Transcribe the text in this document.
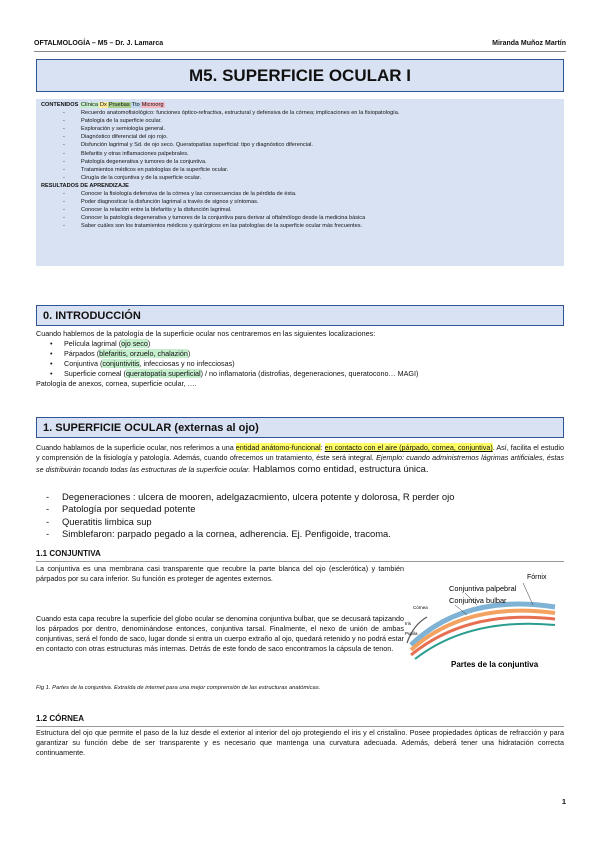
OFTALMOLOGÍA – M5 – Dr. J. Lamarca	Miranda Muñoz Martín
M5. SUPERFICIE OCULAR I
CONTENIDOS Clínica Dx Pruebas Tto Microorg
- Recuerdo anatomofisiológico: funciones óptico-refractiva, estructural y defensiva de la córnea; implicaciones en la fisiopatología.
- Patología de la superficie ocular.
- Exploración y semiología general.
- Diagnóstico diferencial del ojo rojo.
- Disfunción lagrimal y Sd. de ojo seco. Queratopatías superficial: tipo y diagnóstico diferencial.
- Blefaritis y otras inflamaciones palpebrales.
- Patología degenerativa y tumores de la conjuntiva.
- Tratamientos médicos en patologías de la superficie ocular.
- Cirugía de la conjuntiva y de la superficie ocular.
RESULTADOS DE APRENDIZAJE
- Conocer la fisiología defensiva de la córnea y las consecuencias de la pérdida de ésta.
- Poder diagnosticar la disfunción lagrimal a través de signos y síntomas.
- Conocer la relación entre la blefaritis y la disfunción lagrimal.
- Conocer la patología degenerativa y tumores de la conjuntiva para derivar al oftalmólogo desde la medicina básica
- Saber cuáles son los tratamientos médicos y quirúrgicos en las patologías de la superficie ocular más frecuentes.
0. INTRODUCCIÓN
Cuando hablemos de la patología de la superficie ocular nos centraremos en las siguientes localizaciones:
• Película lagrimal (ojo seco)
• Párpados (blefaritis, orzuelo, chalazión)
• Conjuntiva (conjuntivitis, infecciosas y no infecciosas)
• Superficie corneal (queratopatía superficial) / no inflamatoria (distrofias, degeneraciones, queratocono… MAGI)
Patología de anexos, cornea, superficie ocular, ….
1. SUPERFICIE OCULAR (externas al ojo)
Cuando hablamos de la superficie ocular, nos referimos a una entidad anátomo-funcional: en contacto con el aire (párpado, cornea, conjuntiva). Así, facilita el estudio y comprensión de la fisiología y patología. Además, cuando ofrecemos un tratamiento, éste será integral. Ejemplo: cuando administremos lágrimas artificiales, éstas se distribuirán tocando todas las estructuras de la superficie ocular. Hablamos como entidad, estructura única.
- Degeneraciones : ulcera de mooren, adelgazacmiento, ulcera potente y dolorosa, R perder ojo
- Patología por sequedad potente
- Queratitis limbica sup
- Simblefaron: parpado pegado a la cornea, adherencia. Ej. Penfigoide, tracoma.
1.1 CONJUNTIVA
La conjuntiva es una membrana casi transparente que recubre la parte blanca del ojo (esclerótica) y también párpados por su cara inferior. Su función es proteger de agentes externos.
Cuando esta capa recubre la superficie del globo ocular se denomina conjuntiva bulbar, que se decusará tapizando los párpados por dentro, denominándose entonces, conjuntiva tarsal. Finalmente, el nexo de unión de ambas conjuntivas, será el fondo de saco, lugar donde si entra un cuerpo extraño al ojo, quedará retenido y no podrá estar en contacto con otras estructuras más internas. Detrás de este fondo de saco encontramos la cápsula de tenon.
Fórnix
Conjuntiva palpebral
Conjuntiva bulbar
Córnea
Iris
Pupila
Partes de la conjuntiva
Fig 1. Partes de la conjuntiva. Extraída de internet para una mejor comprensión de las estructuras anatómicas.
1.2 CÓRNEA
Estructura del ojo que permite el paso de la luz desde el exterior al interior del ojo protegiendo el iris y el cristalino. Posee propiedades ópticas de refracción y para garantizar su función debe de ser transparente y es necesario que mantenga una curvatura adecuada. Además, deberá tener una hidratación correcta continuamente.
1
